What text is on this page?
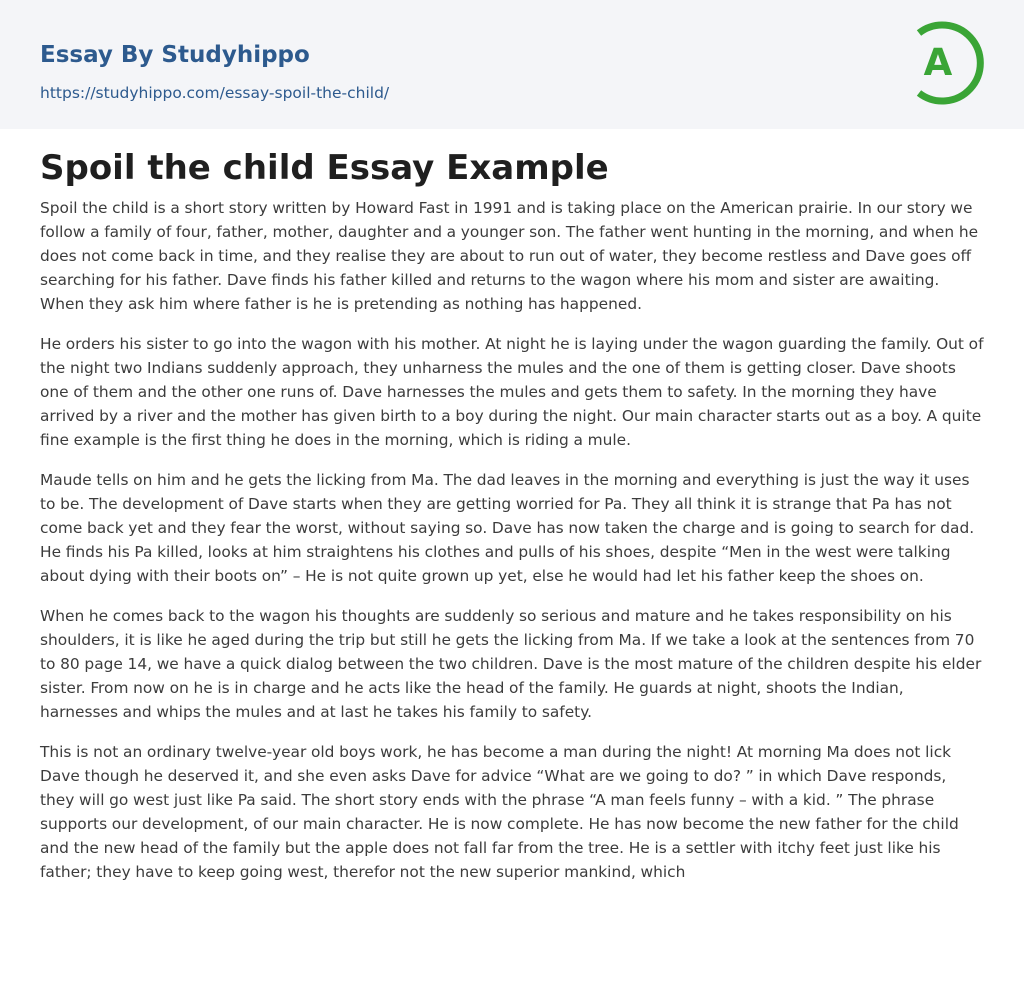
Essay By Studyhippo
https://studyhippo.com/essay-spoil-the-child/
A
Spoil the child Essay Example

Spoil the child is a short story written by Howard Fast in 1991 and is taking place on the American prairie. In our story we follow a family of four, father, mother, daughter and a younger son. The father went hunting in the morning, and when he does not come back in time, and they realise they are about to run out of water, they become restless and Dave goes off searching for his father. Dave finds his father killed and returns to the wagon where his mom and sister are awaiting. When they ask him where father is he is pretending as nothing has happened.

He orders his sister to go into the wagon with his mother. At night he is laying under the wagon guarding the family. Out of the night two Indians suddenly approach, they unharness the mules and the one of them is getting closer. Dave shoots one of them and the other one runs of. Dave harnesses the mules and gets them to safety. In the morning they have arrived by a river and the mother has given birth to a boy during the night. Our main character starts out as a boy. A quite fine example is the first thing he does in the morning, which is riding a mule.

Maude tells on him and he gets the licking from Ma. The dad leaves in the morning and everything is just the way it uses to be. The development of Dave starts when they are getting worried for Pa. They all think it is strange that Pa has not come back yet and they fear the worst, without saying so. Dave has now taken the charge and is going to search for dad. He finds his Pa killed, looks at him straightens his clothes and pulls of his shoes, despite “Men in the west were talking about dying with their boots on” – He is not quite grown up yet, else he would had let his father keep the shoes on.

When he comes back to the wagon his thoughts are suddenly so serious and mature and he takes responsibility on his shoulders, it is like he aged during the trip but still he gets the licking from Ma. If we take a look at the sentences from 70 to 80 page 14, we have a quick dialog between the two children. Dave is the most mature of the children despite his elder sister. From now on he is in charge and he acts like the head of the family. He guards at night, shoots the Indian, harnesses and whips the mules and at last he takes his family to safety.

This is not an ordinary twelve-year old boys work, he has become a man during the night! At morning Ma does not lick Dave though he deserved it, and she even asks Dave for advice “What are we going to do? ” in which Dave responds, they will go west just like Pa said. The short story ends with the phrase “A man feels funny – with a kid. ” The phrase supports our development, of our main character. He is now complete. He has now become the new father for the child and the new head of the family but the apple does not fall far from the tree. He is a settler with itchy feet just like his father; they have to keep going west, therefor not the new superior mankind, which
